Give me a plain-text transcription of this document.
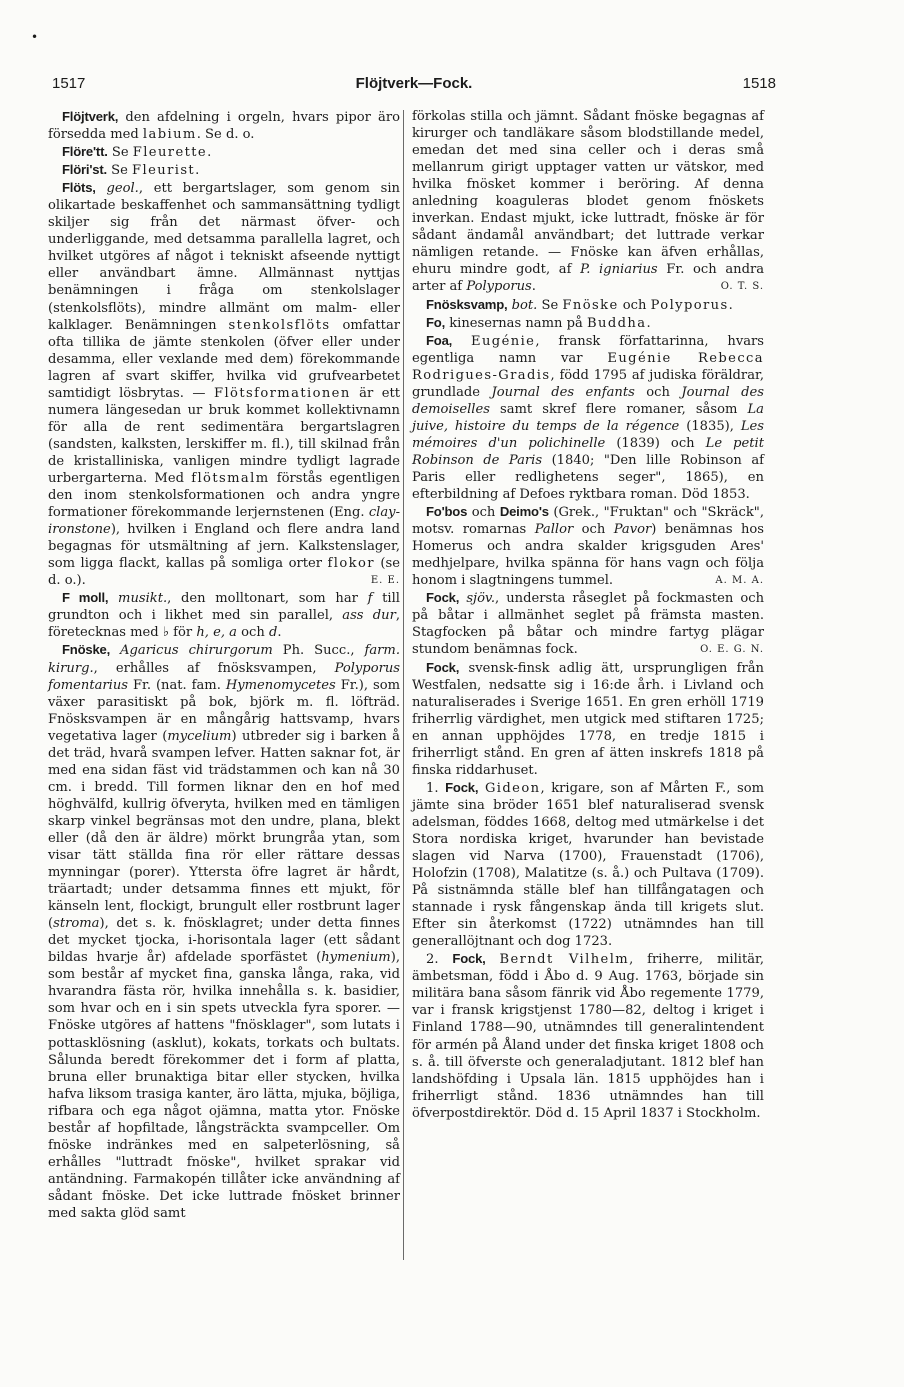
•
1517	Flöjtverk—Fock.	1518

Flöjtverk, den afdelning i orgeln, hvars pipor äro försedda med labium. Se d. o.

Flöre'tt. Se Fleurette.

Flöri'st. Se Fleurist.

Flöts, geol., ett bergartslager, som genom sin olikartade beskaffenhet och sammansättning tydligt skiljer sig från det närmast öfver- och underliggande, med detsamma parallella lagret, och hvilket utgöres af något i tekniskt afseende nyttigt eller användbart ämne. Allmännast nyttjas benämningen i fråga om stenkolslager (stenkolsflöts), mindre allmänt om malm- eller kalklager. Benämningen stenkolsflöts omfattar ofta tillika de jämte stenkolen (öfver eller under desamma, eller vexlande med dem) förekommande lagren af svart skiffer, hvilka vid grufvearbetet samtidigt lösbrytas. — Flötsformationen är ett numera längesedan ur bruk kommet kollektivnamn för alla de rent sedimentära bergartslagren (sandsten, kalksten, lerskiffer m. fl.), till skilnad från de kristalliniska, vanligen mindre tydligt lagrade urbergarterna. Med flötsmalm förstås egentligen den inom stenkolsformationen och andra yngre formationer förekommande lerjernstenen (Eng. clay-ironstone), hvilken i England och flere andra land begagnas för utsmältning af jern. Kalkstenslager, som ligga flackt, kallas på somliga orter flokor (se d. o.).	E. E.

F moll, musikt., den molltonart, som har f till grundton och i likhet med sin parallel, ass dur, företecknas med ♭ för h, e, a och d.

Fnöske, Agaricus chirurgorum Ph. Succ., farm. kirurg., erhålles af fnösksvampen, Polyporus fomentarius Fr. (nat. fam. Hymenomycetes Fr.), som växer parasitiskt på bok, björk m. fl. löfträd. Fnösksvampen är en mångårig hattsvamp, hvars vegetativa lager (mycelium) utbreder sig i barken å det träd, hvarå svampen lefver. Hatten saknar fot, är med ena sidan fäst vid trädstammen och kan nå 30 cm. i bredd. Till formen liknar den en hof med höghvälfd, kullrig öfveryta, hvilken med en tämligen skarp vinkel begränsas mot den undre, plana, blekt eller (då den är äldre) mörkt brungråa ytan, som visar tätt ställda fina rör eller rättare dessas mynningar (porer). Yttersta öfre lagret är hårdt, träartadt; under detsamma finnes ett mjukt, för känseln lent, flockigt, brungult eller rostbrunt lager (stroma), det s. k. fnösklagret; under detta finnes det mycket tjocka, i-horisontala lager (ett sådant bildas hvarje år) afdelade sporfästet (hymenium), som består af mycket fina, ganska långa, raka, vid hvarandra fästa rör, hvilka innehålla s. k. basidier, som hvar och en i sin spets utveckla fyra sporer. — Fnöske utgöres af hattens "fnösklager", som lutats i pottasklösning (asklut), kokats, torkats och bultats. Sålunda beredt förekommer det i form af platta, bruna eller brunaktiga bitar eller stycken, hvilka hafva liksom trasiga kanter, äro lätta, mjuka, böjliga, rifbara och ega något ojämna, matta ytor. Fnöske består af hopfiltade, långsträckta svampceller. Om fnöske indränkes med en salpeterlösning, så erhålles "luttradt fnöske", hvilket sprakar vid antändning. Farmakopén tillåter icke användning af sådant fnöske. Det icke luttrade fnösket brinner med sakta glöd samt

förkolas stilla och jämnt. Sådant fnöske begagnas af kirurger och tandläkare såsom blodstillande medel, emedan det med sina celler och i deras små mellanrum girigt upptager vatten ur vätskor, med hvilka fnösket kommer i beröring. Af denna anledning koaguleras blodet genom fnöskets inverkan. Endast mjukt, icke luttradt, fnöske är för sådant ändamål användbart; det luttrade verkar nämligen retande. — Fnöske kan äfven erhållas, ehuru mindre godt, af P. igniarius Fr. och andra arter af Polyporus.	O. T. S.

Fnösksvamp, bot. Se Fnöske och Polyporus.

Fo, kinesernas namn på Buddha.

Foa, Eugénie, fransk författarinna, hvars egentliga namn var Eugénie Rebecca Rodrigues-Gradis, född 1795 af judiska föräldrar, grundlade Journal des enfants och Journal des demoiselles samt skref flere romaner, såsom La juive, histoire du temps de la régence (1835), Les mémoires d'un polichinelle (1839) och Le petit Robinson de Paris (1840; "Den lille Robinson af Paris eller redlighetens seger", 1865), en efterbildning af Defoes ryktbara roman. Död 1853.

Fo'bos och Deimo's (Grek., "Fruktan" och "Skräck", motsv. romarnas Pallor och Pavor) benämnas hos Homerus och andra skalder krigsguden Ares' medhjelpare, hvilka spänna för hans vagn och följa honom i slagtningens tummel.	A. M. A.

Fock, sjöv., understa råseglet på fockmasten och på båtar i allmänhet seglet på främsta masten. Stagfocken på båtar och mindre fartyg plägar stundom benämnas fock.	O. E. G. N.

Fock, svensk-finsk adlig ätt, ursprungligen från Westfalen, nedsatte sig i 16:de årh. i Livland och naturaliserades i Sverige 1651. En gren erhöll 1719 friherrlig värdighet, men utgick med stiftaren 1725; en annan upphöjdes 1778, en tredje 1815 i friherrligt stånd. En gren af ätten inskrefs 1818 på finska riddarhuset.

1. Fock, Gideon, krigare, son af Mårten F., som jämte sina bröder 1651 blef naturaliserad svensk adelsman, föddes 1668, deltog med utmärkelse i det Stora nordiska kriget, hvarunder han bevistade slagen vid Narva (1700), Frauenstadt (1706), Holofzin (1708), Malatitze (s. å.) och Pultava (1709). På sistnämnda ställe blef han tillfångatagen och stannade i rysk fångenskap ända till krigets slut. Efter sin återkomst (1722) utnämndes han till generallöjtnant och dog 1723.

2. Fock, Berndt Vilhelm, friherre, militär, ämbetsman, född i Åbo d. 9 Aug. 1763, började sin militära bana såsom fänrik vid Åbo regemente 1779, var i fransk krigstjenst 1780—82, deltog i kriget i Finland 1788—90, utnämndes till generalintendent för armén på Åland under det finska kriget 1808 och s. å. till öfverste och generaladjutant. 1812 blef han landshöfding i Upsala län. 1815 upphöjdes han i friherrligt stånd. 1836 utnämndes han till öfverpostdirektör. Död d. 15 April 1837 i Stockholm.
